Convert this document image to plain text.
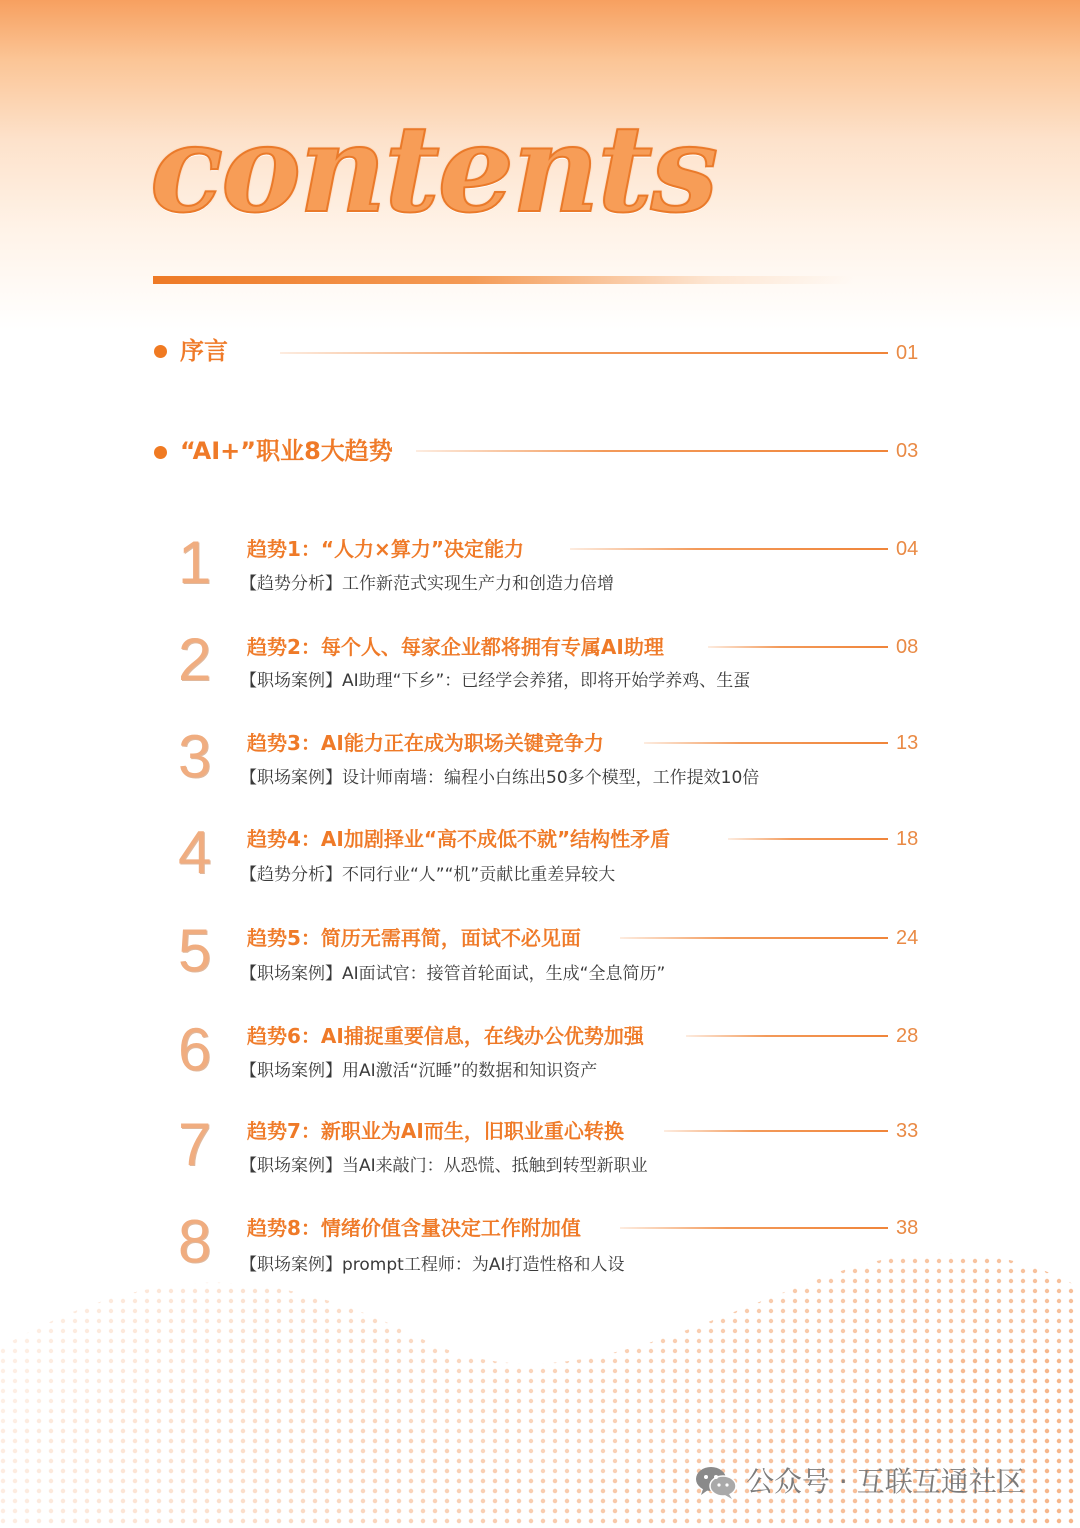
contents
序言	01
“AI+”职业8大趋势	03
1 趋势1：“人力×算力”决定能力	04
【趋势分析】工作新范式实现生产力和创造力倍增
2 趋势2：每个人、每家企业都将拥有专属AI助理	08
【职场案例】AI助理“下乡”：已经学会养猪，即将开始学养鸡、生蛋
3 趋势3：AI能力正在成为职场关键竞争力	13
【职场案例】设计师南墙：编程小白练出50多个模型，工作提效10倍
4 趋势4：AI加剧择业“高不成低不就”结构性矛盾	18
【趋势分析】不同行业“人”“机”贡献比重差异较大
5 趋势5：简历无需再简，面试不必见面	24
【职场案例】AI面试官：接管首轮面试，生成“全息简历”
6 趋势6：AI捕捉重要信息，在线办公优势加强	28
【职场案例】用AI激活“沉睡”的数据和知识资产
7 趋势7：新职业为AI而生，旧职业重心转换	33
【职场案例】当AI来敲门：从恐慌、抵触到转型新职业
8 趋势8：情绪价值含量决定工作附加值	38
【职场案例】prompt工程师：为AI打造性格和人设
公众号 · 互联互通社区
